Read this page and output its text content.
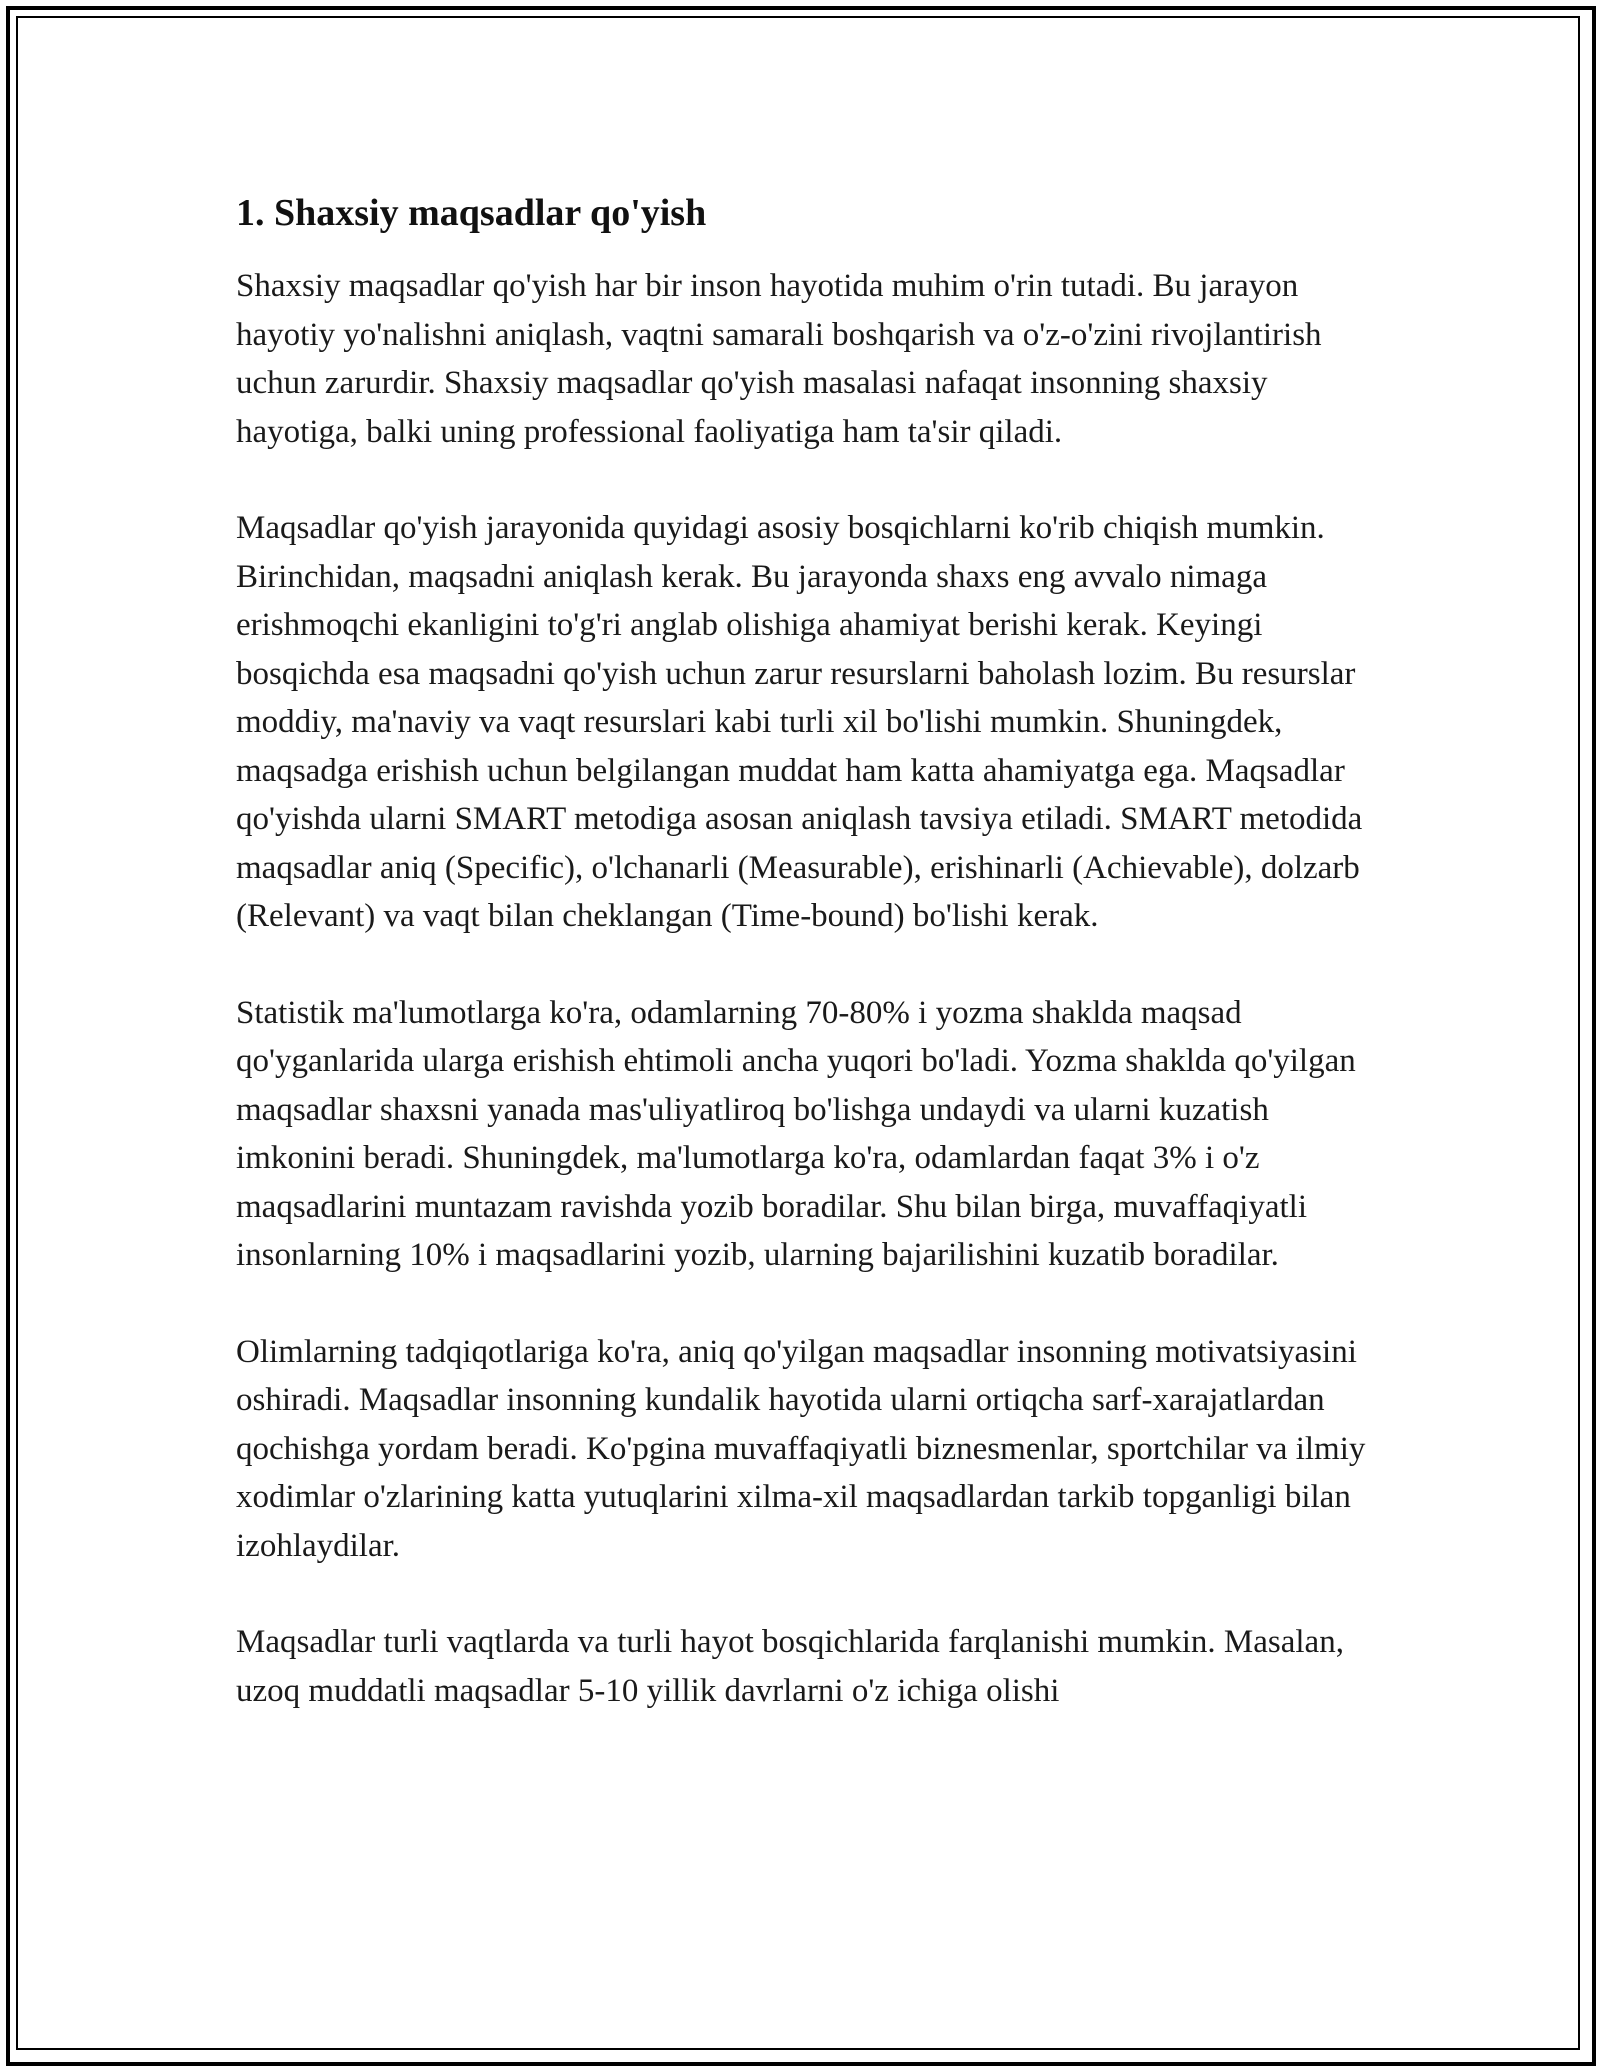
1. Shaxsiy maqsadlar qo'yish

Shaxsiy maqsadlar qo'yish har bir inson hayotida muhim o'rin tutadi. Bu jarayon hayotiy yo'nalishni aniqlash, vaqtni samarali boshqarish va o'z-o'zini rivojlantirish uchun zarurdir. Shaxsiy maqsadlar qo'yish masalasi nafaqat insonning shaxsiy hayotiga, balki uning professional faoliyatiga ham ta'sir qiladi.

Maqsadlar qo'yish jarayonida quyidagi asosiy bosqichlarni ko'rib chiqish mumkin. Birinchidan, maqsadni aniqlash kerak. Bu jarayonda shaxs eng avvalo nimaga erishmoqchi ekanligini to'g'ri anglab olishiga ahamiyat berishi kerak. Keyingi bosqichda esa maqsadni qo'yish uchun zarur resurslarni baholash lozim. Bu resurslar moddiy, ma'naviy va vaqt resurslari kabi turli xil bo'lishi mumkin. Shuningdek, maqsadga erishish uchun belgilangan muddat ham katta ahamiyatga ega. Maqsadlar qo'yishda ularni SMART metodiga asosan aniqlash tavsiya etiladi. SMART metodida maqsadlar aniq (Specific), o'lchanarli (Measurable), erishinarli (Achievable), dolzarb (Relevant) va vaqt bilan cheklangan (Time-bound) bo'lishi kerak.

Statistik ma'lumotlarga ko'ra, odamlarning 70-80% i yozma shaklda maqsad qo'yganlarida ularga erishish ehtimoli ancha yuqori bo'ladi. Yozma shaklda qo'yilgan maqsadlar shaxsni yanada mas'uliyatliroq bo'lishga undaydi va ularni kuzatish imkonini beradi. Shuningdek, ma'lumotlarga ko'ra, odamlardan faqat 3% i o'z maqsadlarini muntazam ravishda yozib boradilar. Shu bilan birga, muvaffaqiyatli insonlarning 10% i maqsadlarini yozib, ularning bajarilishini kuzatib boradilar.

Olimlarning tadqiqotlariga ko'ra, aniq qo'yilgan maqsadlar insonning motivatsiyasini oshiradi. Maqsadlar insonning kundalik hayotida ularni ortiqcha sarf-xarajatlardan qochishga yordam beradi. Ko'pgina muvaffaqiyatli biznesmenlar, sportchilar va ilmiy xodimlar o'zlarining katta yutuqlarini xilma-xil maqsadlardan tarkib topganligi bilan izohlaydilar.

Maqsadlar turli vaqtlarda va turli hayot bosqichlarida farqlanishi mumkin. Masalan, uzoq muddatli maqsadlar 5-10 yillik davrlarni o'z ichiga olishi
